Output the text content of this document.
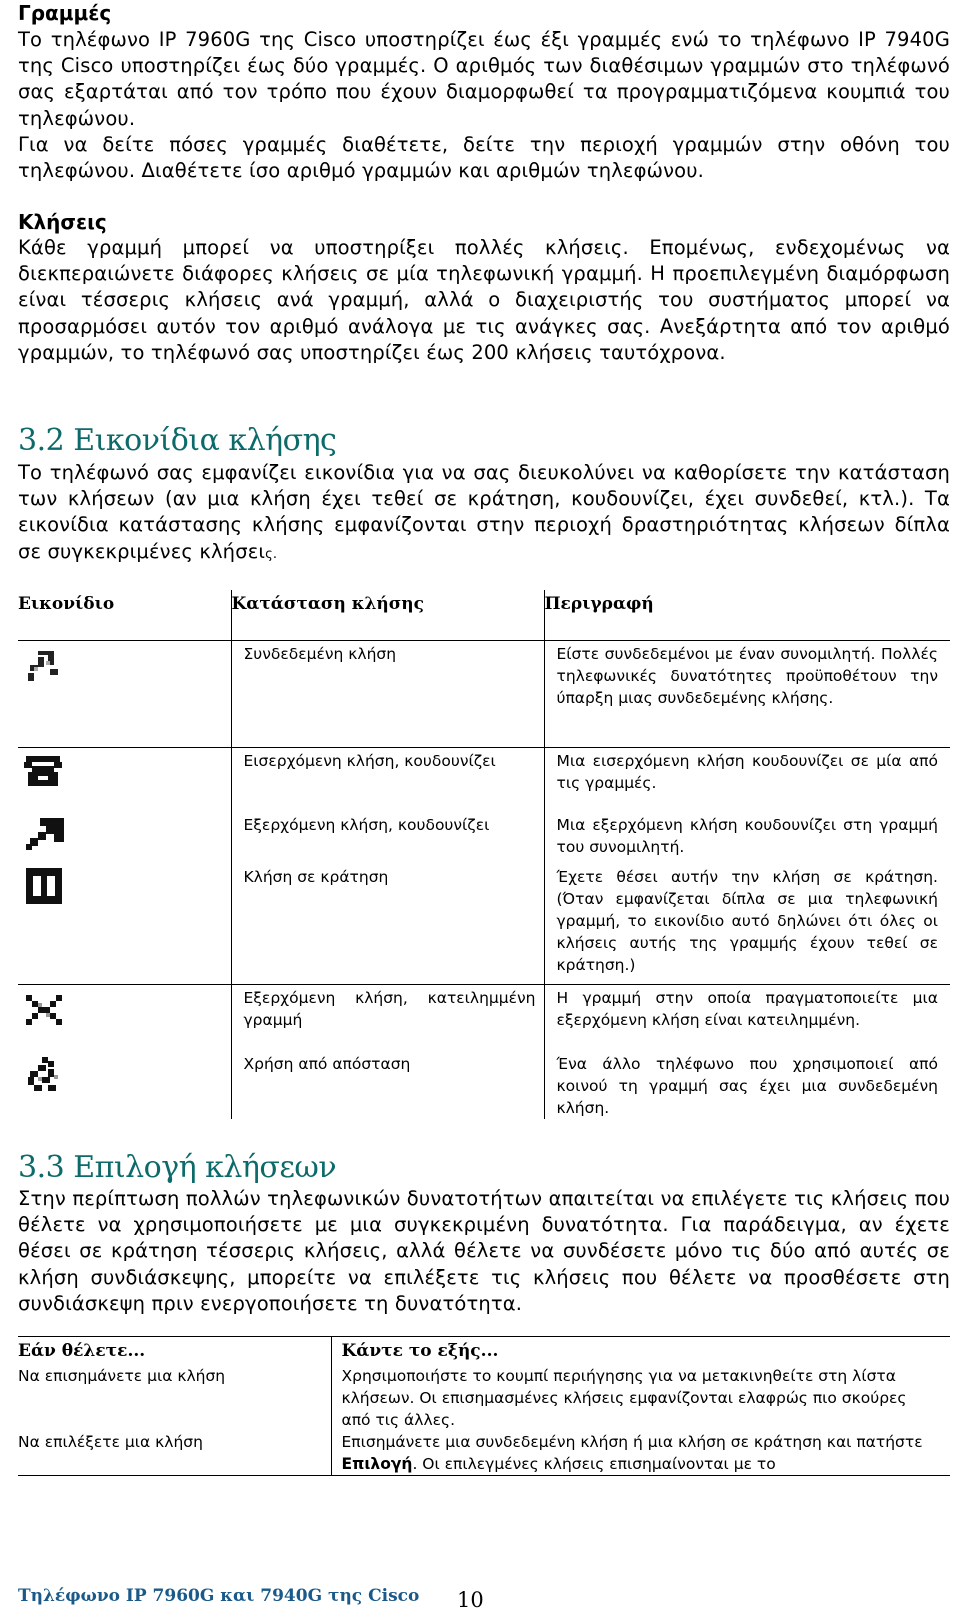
Γραμμές

Το τηλέφωνο IP 7960G της Cisco υποστηρίζει έως έξι γραμμές ενώ το τηλέφωνο IP 7940G της Cisco υποστηρίζει έως δύο γραμμές. Ο αριθμός των διαθέσιμων γραμμών στο τηλέφωνό σας εξαρτάται από τον τρόπο που έχουν διαμορφωθεί τα προγραμματιζόμενα κουμπιά του τηλεφώνου.

Για να δείτε πόσες γραμμές διαθέτετε, δείτε την περιοχή γραμμών στην οθόνη του τηλεφώνου. Διαθέτετε ίσο αριθμό γραμμών και αριθμών τηλεφώνου.

Κλήσεις

Κάθε γραμμή μπορεί να υποστηρίξει πολλές κλήσεις. Επομένως, ενδεχομένως να διεκπεραιώνετε διάφορες κλήσεις σε μία τηλεφωνική γραμμή. Η προεπιλεγμένη διαμόρφωση είναι τέσσερις κλήσεις ανά γραμμή, αλλά ο διαχειριστής του συστήματος μπορεί να προσαρμόσει αυτόν τον αριθμό ανάλογα με τις ανάγκες σας. Ανεξάρτητα από τον αριθμό γραμμών, το τηλέφωνό σας υποστηρίζει έως 200 κλήσεις ταυτόχρονα.

3.2 Εικονίδια κλήσης

Το τηλέφωνό σας εμφανίζει εικονίδια για να σας διευκολύνει να καθορίσετε την κατάσταση των κλήσεων (αν μια κλήση έχει τεθεί σε κράτηση, κουδουνίζει, έχει συνδεθεί, κτλ.). Τα εικονίδια κατάστασης κλήσης εμφανίζονται στην περιοχή δραστηριότητας κλήσεων δίπλα σε συγκεκριμένες κλήσεις.

Εικονίδιο	Κατάσταση κλήσης	Περιγραφή

	Συνδεδεμένη κλήση	Είστε συνδεδεμένοι με έναν συνομιλητή. Πολλές τηλεφωνικές δυνατότητες προϋποθέτουν την ύπαρξη μιας συνδεδεμένης κλήσης.

	Εισερχόμενη κλήση, κουδουνίζει	Μια εισερχόμενη κλήση κουδουνίζει σε μία από τις γραμμές.

	Εξερχόμενη κλήση, κουδουνίζει	Μια εξερχόμενη κλήση κουδουνίζει στη γραμμή του συνομιλητή.

	Κλήση σε κράτηση	Έχετε θέσει αυτήν την κλήση σε κράτηση. (Όταν εμφανίζεται δίπλα σε μια τηλεφωνική γραμμή, το εικονίδιο αυτό δηλώνει ότι όλες οι κλήσεις αυτής της γραμμής έχουν τεθεί σε κράτηση.)

	Εξερχόμενη κλήση, κατειλημμένη γραμμή	Η γραμμή στην οποία πραγματοποιείτε μια εξερχόμενη κλήση είναι κατειλημμένη.

	Χρήση από απόσταση	Ένα άλλο τηλέφωνο που χρησιμοποιεί από κοινού τη γραμμή σας έχει μια συνδεδεμένη κλήση.

3.3 Επιλογή κλήσεων

Στην περίπτωση πολλών τηλεφωνικών δυνατοτήτων απαιτείται να επιλέγετε τις κλήσεις που θέλετε να χρησιμοποιήσετε με μια συγκεκριμένη δυνατότητα. Για παράδειγμα, αν έχετε θέσει σε κράτηση τέσσερις κλήσεις, αλλά θέλετε να συνδέσετε μόνο τις δύο από αυτές σε κλήση συνδιάσκεψης, μπορείτε να επιλέξετε τις κλήσεις που θέλετε να προσθέσετε στη συνδιάσκεψη πριν ενεργοποιήσετε τη δυνατότητα.

Εάν θέλετε...	Κάντε το εξής...
Να επισημάνετε μια κλήση	Χρησιμοποιήστε το κουμπί περιήγησης για να μετακινηθείτε στη λίστα κλήσεων. Οι επισημασμένες κλήσεις εμφανίζονται ελαφρώς πιο σκούρες από τις άλλες.
Να επιλέξετε μια κλήση	Επισημάνετε μια συνδεδεμένη κλήση ή μια κλήση σε κράτηση και πατήστε Επιλογή. Οι επιλεγμένες κλήσεις επισημαίνονται με το
Τηλέφωνο IP 7960G και 7940G της Cisco 10
